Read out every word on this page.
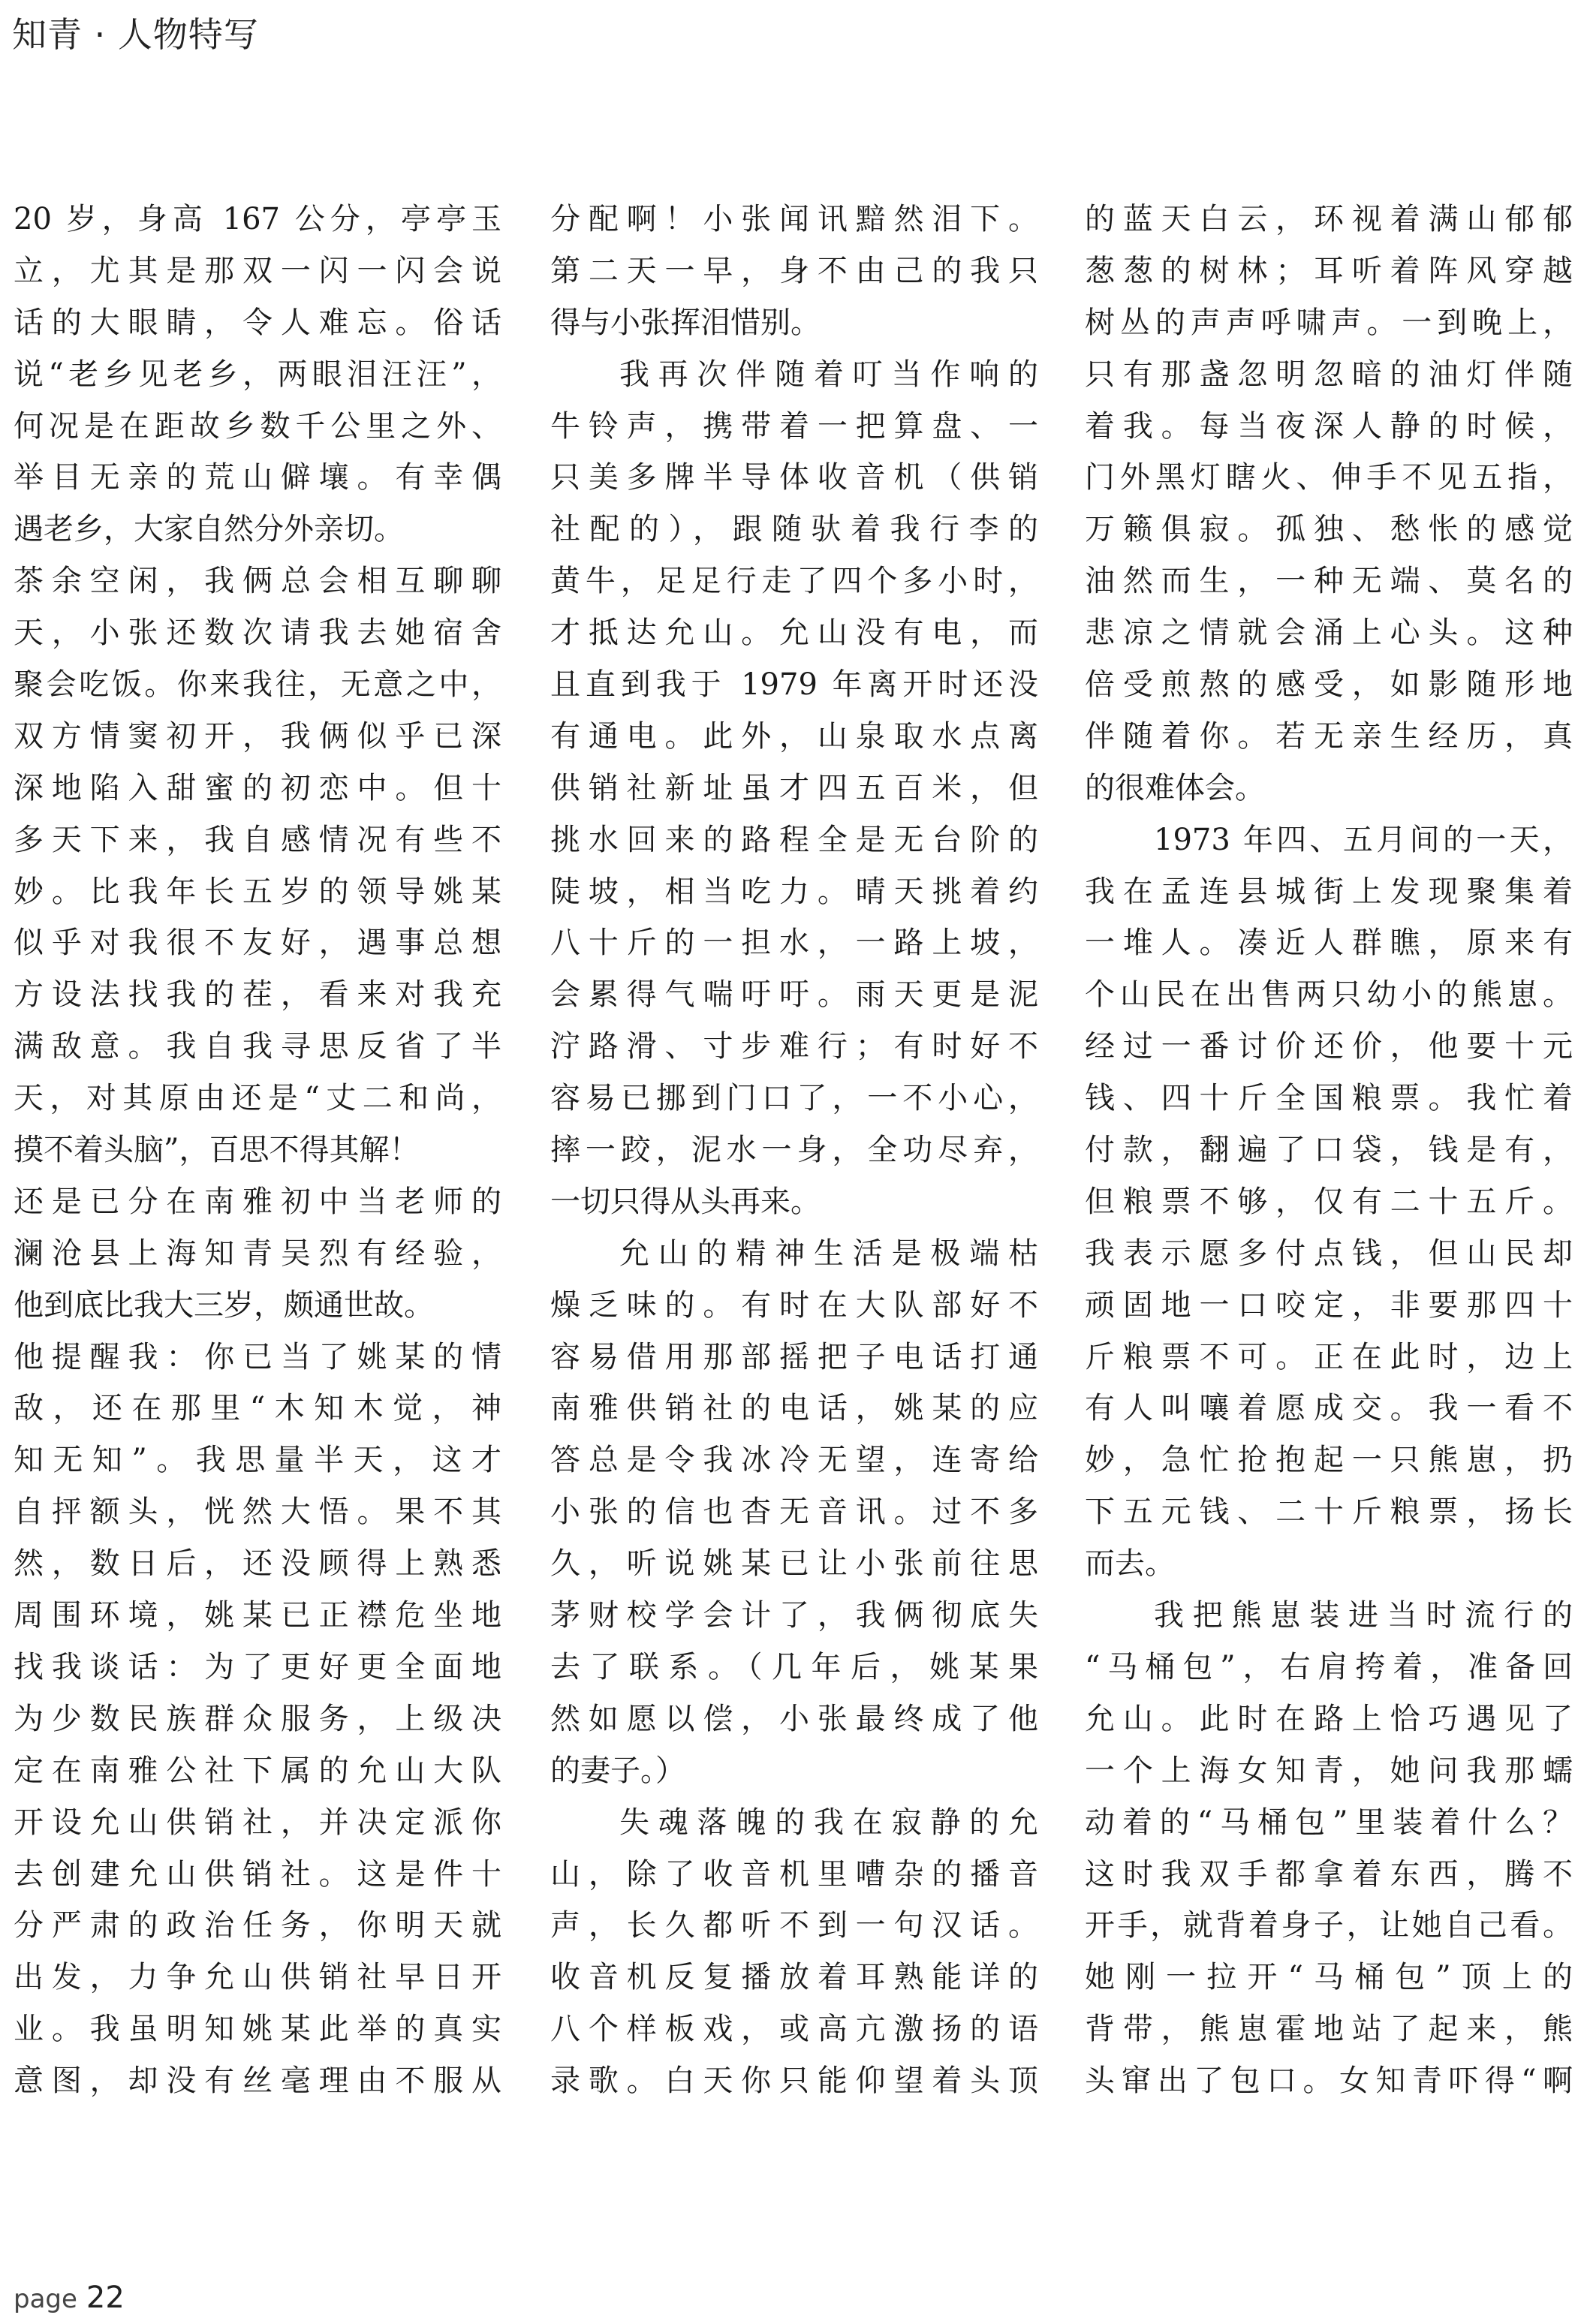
知青 · 人物特写
20 岁，身高 167 公分，亭亭玉
立，尤其是那双一闪一闪会说
话的大眼睛，令人难忘。俗话
说“老乡见老乡，两眼泪汪汪”，
何况是在距故乡数千公里之外、
举目无亲的荒山僻壤。有幸偶
遇老乡，大家自然分外亲切。
茶余空闲，我俩总会相互聊聊
天，小张还数次请我去她宿舍
聚会吃饭。你来我往，无意之中，
双方情窦初开，我俩似乎已深
深地陷入甜蜜的初恋中。但十
多天下来，我自感情况有些不
妙。比我年长五岁的领导姚某
似乎对我很不友好，遇事总想
方设法找我的茬，看来对我充
满敌意。我自我寻思反省了半
天，对其原由还是“丈二和尚，
摸不着头脑”，百思不得其解！
还是已分在南雅初中当老师的
澜沧县上海知青吴烈有经验，
他到底比我大三岁，颇通世故。
他提醒我：你已当了姚某的情
敌，还在那里“木知木觉，神
知无知”。我思量半天，这才
自抨额头，恍然大悟。果不其
然，数日后，还没顾得上熟悉
周围环境，姚某已正襟危坐地
找我谈话：为了更好更全面地
为少数民族群众服务，上级决
定在南雅公社下属的允山大队
开设允山供销社，并决定派你
去创建允山供销社。这是件十
分严肃的政治任务，你明天就
出发，力争允山供销社早日开
业。我虽明知姚某此举的真实
意图，却没有丝毫理由不服从
分配啊！小张闻讯黯然泪下。
第二天一早，身不由己的我只
得与小张挥泪惜别。
我再次伴随着叮当作响的
牛铃声，携带着一把算盘、一
只美多牌半导体收音机（供销
社配的），跟随驮着我行李的
黄牛，足足行走了四个多小时，
才抵达允山。允山没有电，而
且直到我于 1979 年离开时还没
有通电。此外，山泉取水点离
供销社新址虽才四五百米，但
挑水回来的路程全是无台阶的
陡坡，相当吃力。晴天挑着约
八十斤的一担水，一路上坡，
会累得气喘吁吁。雨天更是泥
泞路滑、寸步难行；有时好不
容易已挪到门口了，一不小心，
摔一跤，泥水一身，全功尽弃，
一切只得从头再来。
允山的精神生活是极端枯
燥乏味的。有时在大队部好不
容易借用那部摇把子电话打通
南雅供销社的电话，姚某的应
答总是令我冰冷无望，连寄给
小张的信也杳无音讯。过不多
久，听说姚某已让小张前往思
茅财校学会计了，我俩彻底失
去了联系。（几年后，姚某果
然如愿以偿，小张最终成了他
的妻子。）
失魂落魄的我在寂静的允
山，除了收音机里嘈杂的播音
声，长久都听不到一句汉话。
收音机反复播放着耳熟能详的
八个样板戏，或高亢激扬的语
录歌。白天你只能仰望着头顶
的蓝天白云，环视着满山郁郁
葱葱的树林；耳听着阵风穿越
树丛的声声呼啸声。一到晚上，
只有那盏忽明忽暗的油灯伴随
着我。每当夜深人静的时候，
门外黑灯瞎火、伸手不见五指，
万籁俱寂。孤独、愁怅的感觉
油然而生，一种无端、莫名的
悲凉之情就会涌上心头。这种
倍受煎熬的感受，如影随形地
伴随着你。若无亲生经历，真
的很难体会。
1973 年四、五月间的一天，
我在孟连县城街上发现聚集着
一堆人。凑近人群瞧，原来有
个山民在出售两只幼小的熊崽。
经过一番讨价还价，他要十元
钱、四十斤全国粮票。我忙着
付款，翻遍了口袋，钱是有，
但粮票不够，仅有二十五斤。
我表示愿多付点钱，但山民却
顽固地一口咬定，非要那四十
斤粮票不可。正在此时，边上
有人叫嚷着愿成交。我一看不
妙，急忙抢抱起一只熊崽，扔
下五元钱、二十斤粮票，扬长
而去。
我把熊崽装进当时流行的
“马桶包”，右肩挎着，准备回
允山。此时在路上恰巧遇见了
一个上海女知青，她问我那蠕
动着的“马桶包”里装着什么？
这时我双手都拿着东西，腾不
开手，就背着身子，让她自己看。
她刚一拉开“马桶包”顶上的
背带，熊崽霍地站了起来，熊
头窜出了包口。女知青吓得“啊
page 22
